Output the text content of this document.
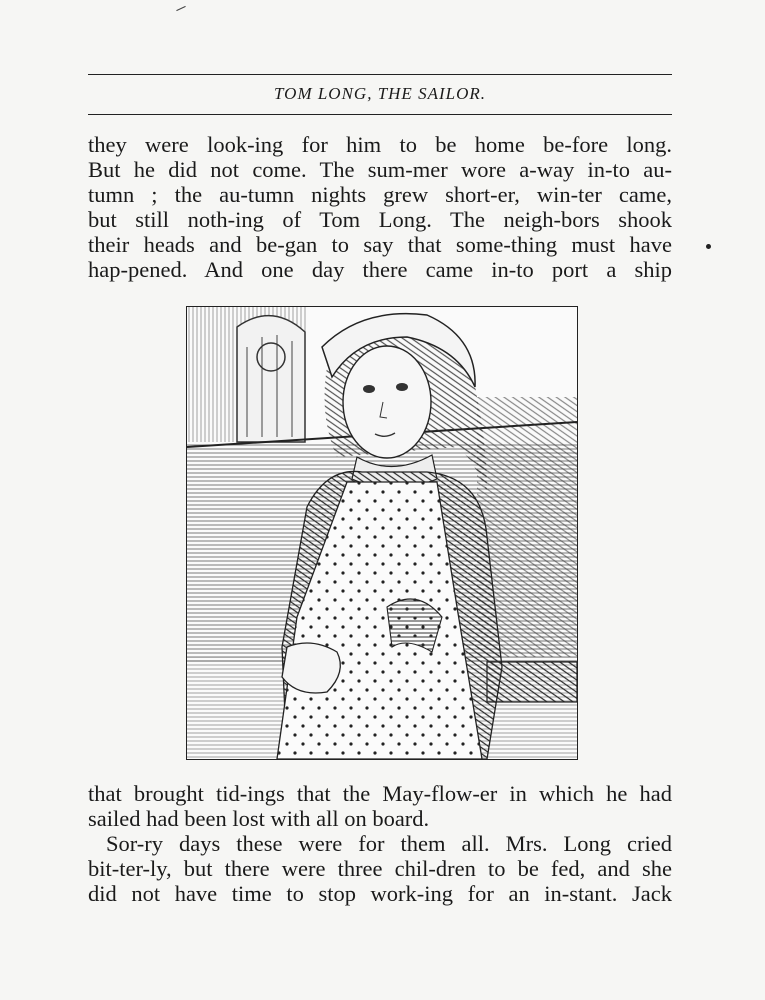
TOM LONG, THE SAILOR.
they were look-ing for him to be home be-fore long.
But he did not come. The sum-mer wore a-way in-to au-
tumn ; the au-tumn nights grew short-er, win-ter came,
but still noth-ing of Tom Long. The neigh-bors shook
their heads and be-gan to say that some-thing must have
hap-pened. And one day there came in-to port a ship
that brought tid-ings that the May-flow-er in which he had
sailed had been lost with all on board.
Sor-ry days these were for them all. Mrs. Long cried
bit-ter-ly, but there were three chil-dren to be fed, and she
did not have time to stop work-ing for an in-stant. Jack
